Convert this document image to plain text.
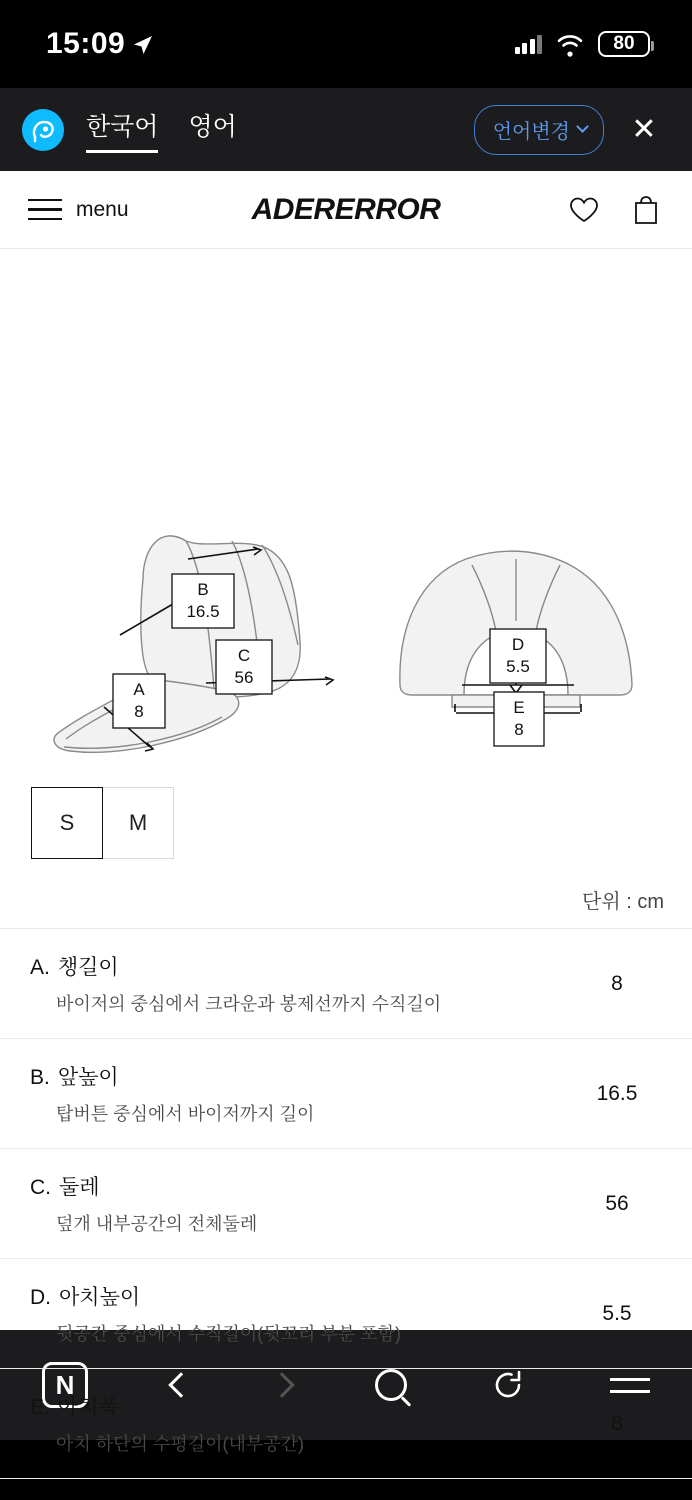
15:09	80
한국어 영어	언어변경 ✕
menu	ADERERROR
B
16.5
C
56
A
8
D
5.5
E
8
S	M
단위 : cm
A. 챙길이
바이저의 중심에서 크라운과 봉제선까지 수직길이
8
B. 앞높이
탑버튼 중심에서 바이저까지 길이
16.5
C. 둘레
덮개 내부공간의 전체둘레
56
D. 아치높이
뒷공간 중심에서 수직길이(뒷꼬리 부분 포함)
5.5
E. 아치폭
아치 하단의 수평길이(내부공간)
8
N
